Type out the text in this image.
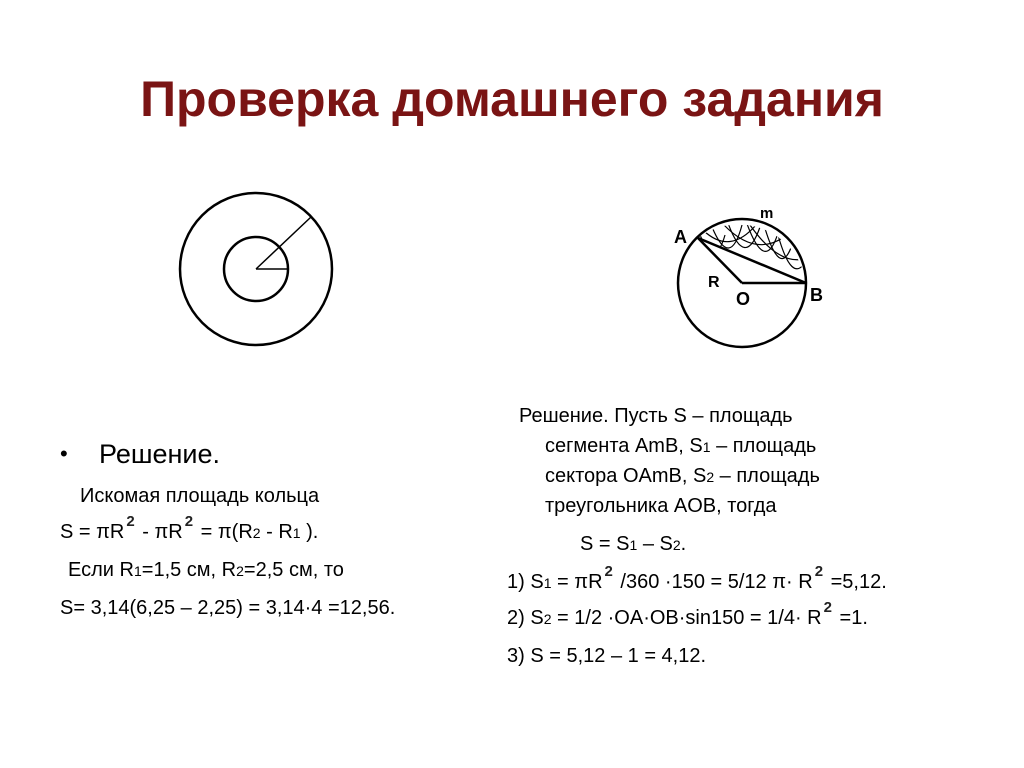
Проверка домашнего задания
A
m
R
O	B
• Решение.
Искомая площадь кольца
S = πR 2 - πR 2 = π(R2 - R1 ).
Если R1=1,5 см, R2=2,5 см, то
S= 3,14(6,25 – 2,25) = 3,14·4 =12,56.
Решение. Пусть S – площадь
сегмента AmB, S1 – площадь
сектора OAmB, S2 – площадь
треугольника AOB, тогда
S = S1 – S2.
1) S1 = πR 2 /360 ·150 = 5/12 π· R 2 =5,12.
2) S2 = 1/2 ·OA·OB·sin150 = 1/4· R 2 =1.
3) S = 5,12 – 1 = 4,12.
